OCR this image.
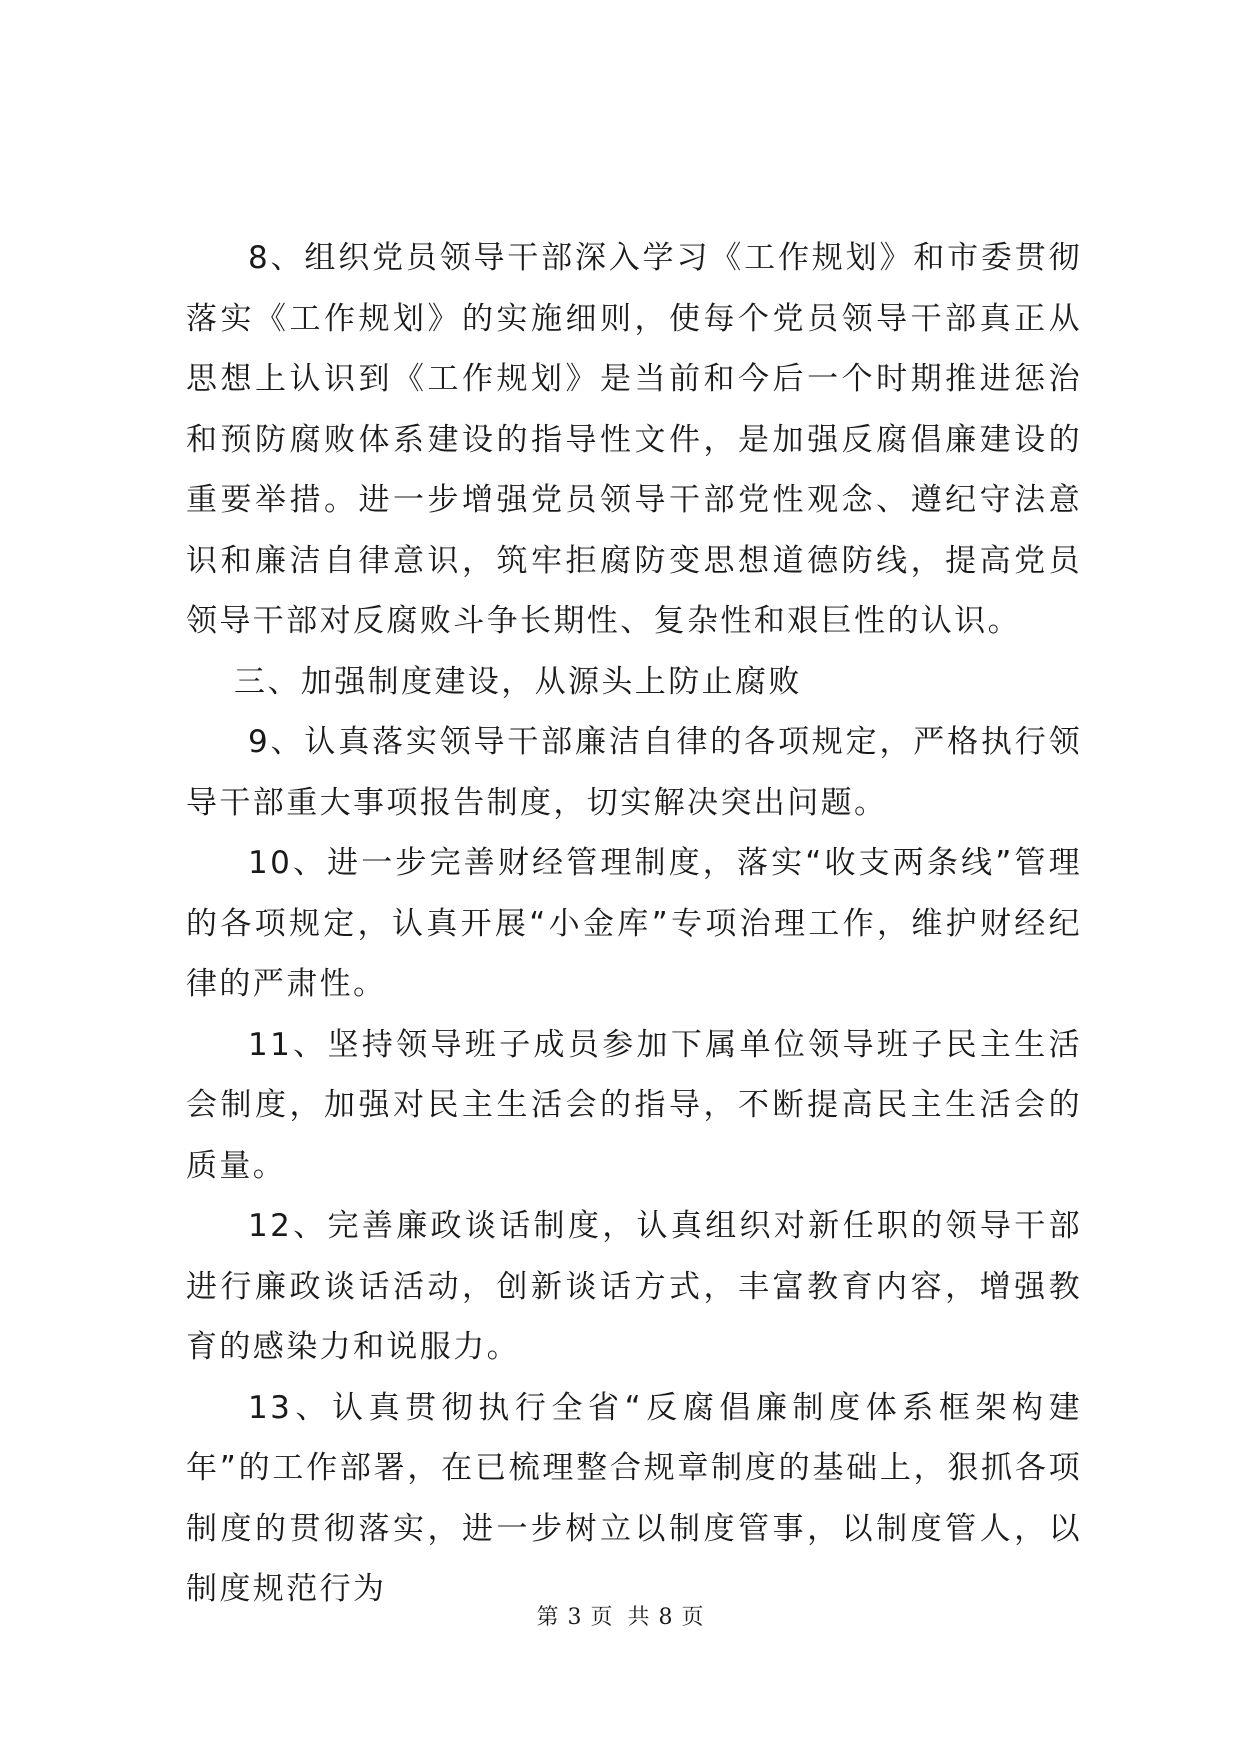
8、组织党员领导干部深入学习《工作规划》和市委贯彻落实《工作规划》的实施细则，使每个党员领导干部真正从思想上认识到《工作规划》是当前和今后一个时期推进惩治和预防腐败体系建设的指导性文件，是加强反腐倡廉建设的重要举措。进一步增强党员领导干部党性观念、遵纪守法意识和廉洁自律意识，筑牢拒腐防变思想道德防线，提高党员领导干部对反腐败斗争长期性、复杂性和艰巨性的认识。

三、加强制度建设，从源头上防止腐败

9、认真落实领导干部廉洁自律的各项规定，严格执行领导干部重大事项报告制度，切实解决突出问题。

10、进一步完善财经管理制度，落实“收支两条线”管理的各项规定，认真开展“小金库”专项治理工作，维护财经纪律的严肃性。

11、坚持领导班子成员参加下属单位领导班子民主生活会制度，加强对民主生活会的指导，不断提高民主生活会的质量。

12、完善廉政谈话制度，认真组织对新任职的领导干部进行廉政谈话活动，创新谈话方式，丰富教育内容，增强教育的感染力和说服力。

13、认真贯彻执行全省“反腐倡廉制度体系框架构建年”的工作部署，在已梳理整合规章制度的基础上，狠抓各项制度的贯彻落实，进一步树立以制度管事，以制度管人，以制度规范行为

第 3 页 共 8 页
